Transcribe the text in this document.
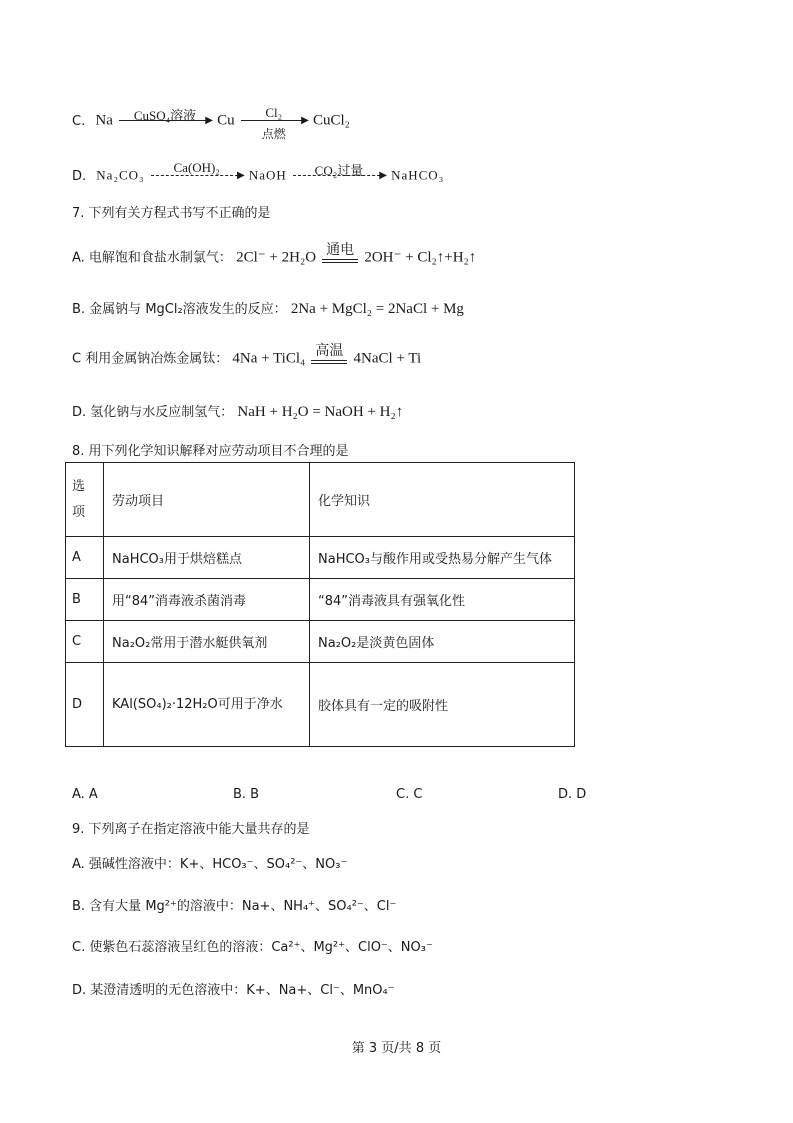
C. Na	CuSO₄溶液 ▶ Cu	Cl₂
▶
点燃
CuCl₂
D. Na₂CO₃	Ca(OH)₂
▶ NaOH	CO₂过量	▶ NaHCO₃
7. 下列有关方程式书写不正确的是
A. 电解饱和食盐水制氯气： 2Cl⁻ + 2H₂O 通电 2OH⁻ + Cl₂↑+H₂↑
B. 金属钠与 MgCl₂溶液发生的反应： 2Na + MgCl₂ = 2NaCl + Mg
C 利用金属钠冶炼金属钛： 4Na + TiCl₄ 高温 4NaCl + Ti
D. 氢化钠与水反应制氢气： NaH + H₂O = NaOH + H₂↑
8. 用下列化学知识解释对应劳动项目不合理的是
选项	劳动项目	化学知识
A	NaHCO₃用于烘焙糕点	NaHCO₃与酸作用或受热易分解产生气体
B	用“84”消毒液杀菌消毒	“84”消毒液具有强氧化性
C	Na₂O₂常用于潜水艇供氧剂	Na₂O₂是淡黄色固体
D	KAl(SO₄)₂·12H₂O可用于净水	胶体具有一定的吸附性
A. A	B. B	C. C	D. D
9. 下列离子在指定溶液中能大量共存的是
A. 强碱性溶液中：K+、HCO₃⁻、SO₄²⁻、NO₃⁻
B. 含有大量 Mg²⁺的溶液中：Na+、NH₄⁺、SO₄²⁻、Cl⁻
C. 使紫色石蕊溶液呈红色的溶液：Ca²⁺、Mg²⁺、ClO⁻、NO₃⁻
D. 某澄清透明的无色溶液中：K+、Na+、Cl⁻、MnO₄⁻
第 3 页/共 8 页
